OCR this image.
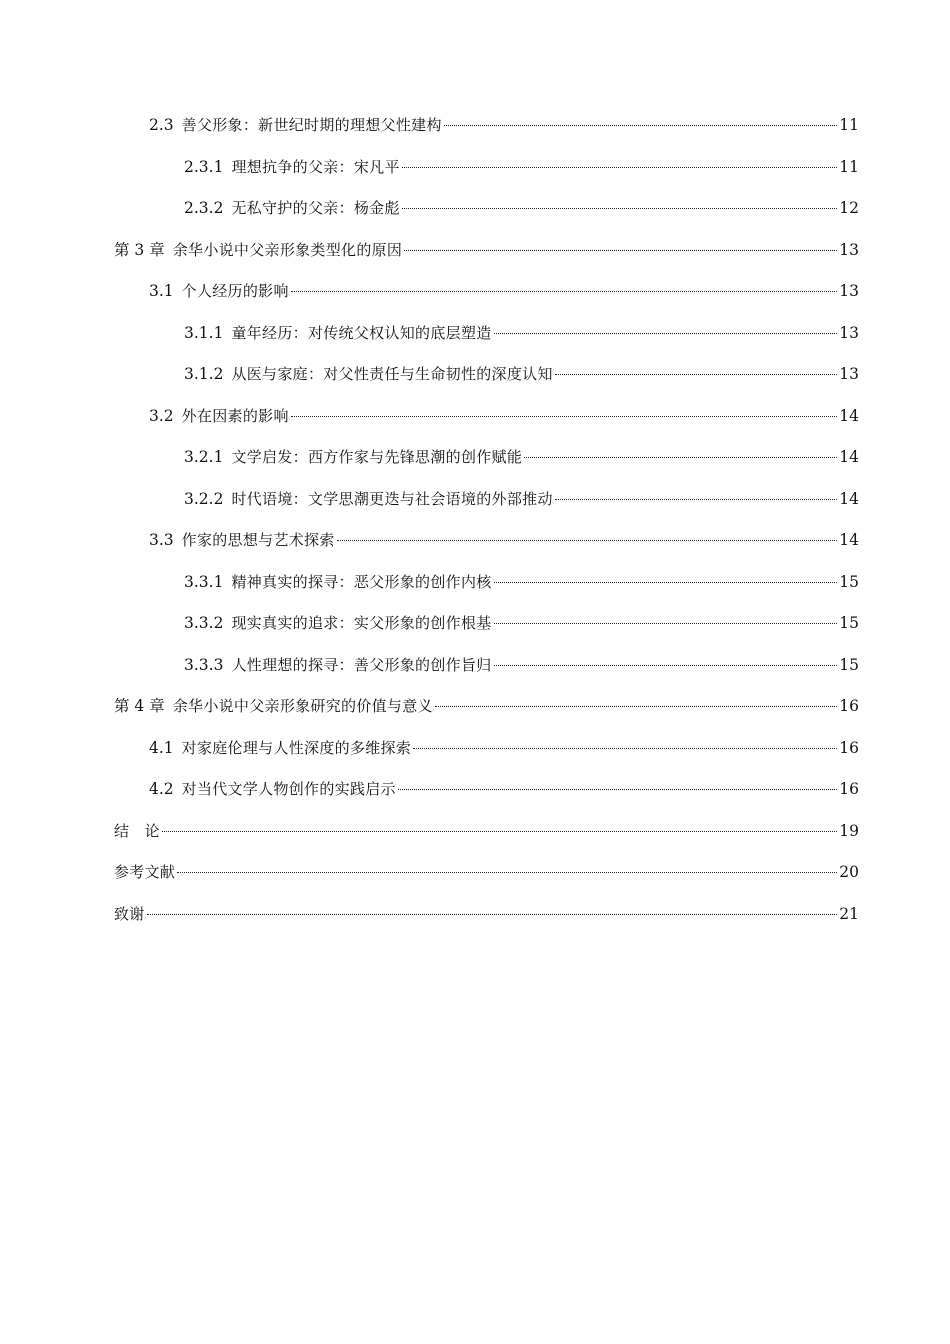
2.3 善父形象：新世纪时期的理想父性建构	11
2.3.1 理想抗争的父亲：宋凡平	11
2.3.2 无私守护的父亲：杨金彪	12
第 3 章 余华小说中父亲形象类型化的原因	13
3.1 个人经历的影响	13
3.1.1 童年经历：对传统父权认知的底层塑造	13
3.1.2 从医与家庭：对父性责任与生命韧性的深度认知	13
3.2 外在因素的影响	14
3.2.1 文学启发：西方作家与先锋思潮的创作赋能	14
3.2.2 时代语境：文学思潮更迭与社会语境的外部推动	14
3.3 作家的思想与艺术探索	14
3.3.1 精神真实的探寻：恶父形象的创作内核	15
3.3.2 现实真实的追求：实父形象的创作根基	15
3.3.3 人性理想的探寻：善父形象的创作旨归	15
第 4 章 余华小说中父亲形象研究的价值与意义	16
4.1 对家庭伦理与人性深度的多维探索	16
4.2 对当代文学人物创作的实践启示	16
结　论	19
参考文献	20
致谢	21
